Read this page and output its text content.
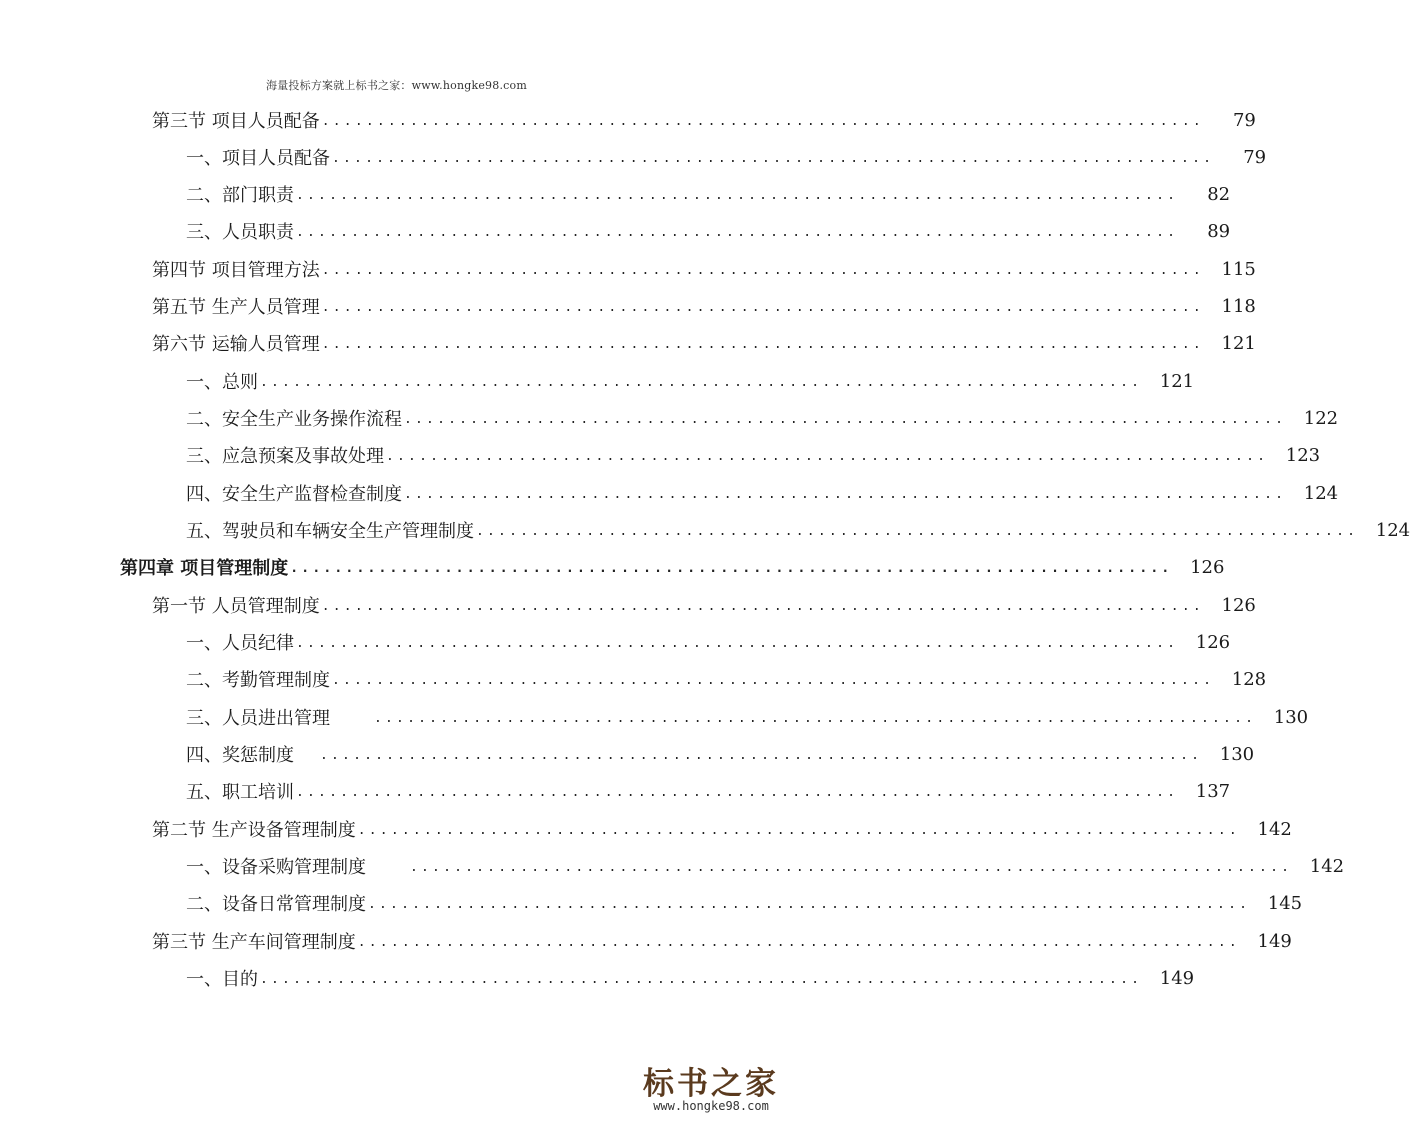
海量投标方案就上标书之家：www.hongke98.com
第三节 项目人员配备 ................................................................................	79
一、项目人员配备 ................................................................................	79
二、部门职责 ................................................................................	82
三、人员职责 ................................................................................	89
第四节 项目管理方法 ................................................................................ 115
第五节 生产人员管理 ................................................................................ 118
第六节 运输人员管理 ................................................................................ 121
一、总则 ................................................................................ 121
二、安全生产业务操作流程 ................................................................................ 122
三、应急预案及事故处理 ................................................................................ 123
四、安全生产监督检查制度 ................................................................................ 124
五、驾驶员和车辆安全生产管理制度 ................................................................................ 124
第四章 项目管理制度 ................................................................................ 126
第一节 人员管理制度 ................................................................................ 126
一、人员纪律 ................................................................................ 126
二、考勤管理制度 ................................................................................ 128
三、人员进出管理	................................................................................ 130
四、奖惩制度	................................................................................ 130
五、职工培训 ................................................................................ 137
第二节 生产设备管理制度 ................................................................................ 142
一、设备采购管理制度	................................................................................ 142
二、设备日常管理制度 ................................................................................ 145
第三节 生产车间管理制度 ................................................................................ 149
一、目的 ................................................................................ 149
标书之家
www.hongke98.com
